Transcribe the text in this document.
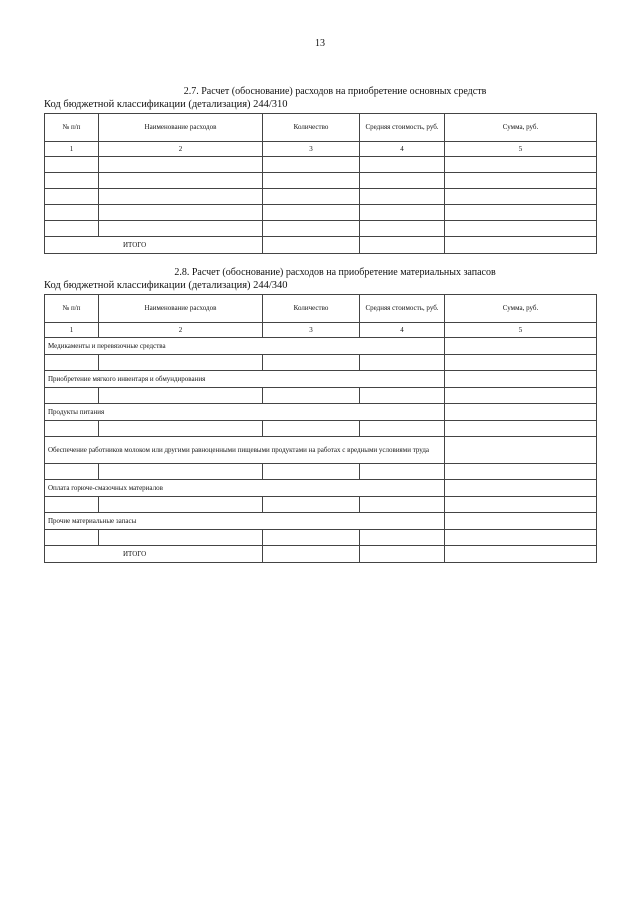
13
2.7. Расчет (обоснование) расходов на приобретение основных средств
Код бюджетной классификации (детализация) 244/310
№ п/п	Наименование расходов	Количество	Средняя стоимость, руб.	Сумма, руб.
1	2	3	4	5

ИТОГО				
2.8. Расчет (обоснование) расходов на приобретение материальных запасов
Код бюджетной классификации (детализация) 244/340
№ п/п	Наименование расходов	Количество	Средняя стоимость, руб.	Сумма, руб.
1	2	3	4	5
Медикаменты и перевязочные средства				

Приобретение мягкого инвентаря и обмундирования				

Продукты питания				

Обеспечение работников молоком или другими равноценными пищевыми продуктами на работах с вредными условиями труда				

Оплата горюче-смазочных материалов				

Прочие материальные запасы				

ИТОГО				
